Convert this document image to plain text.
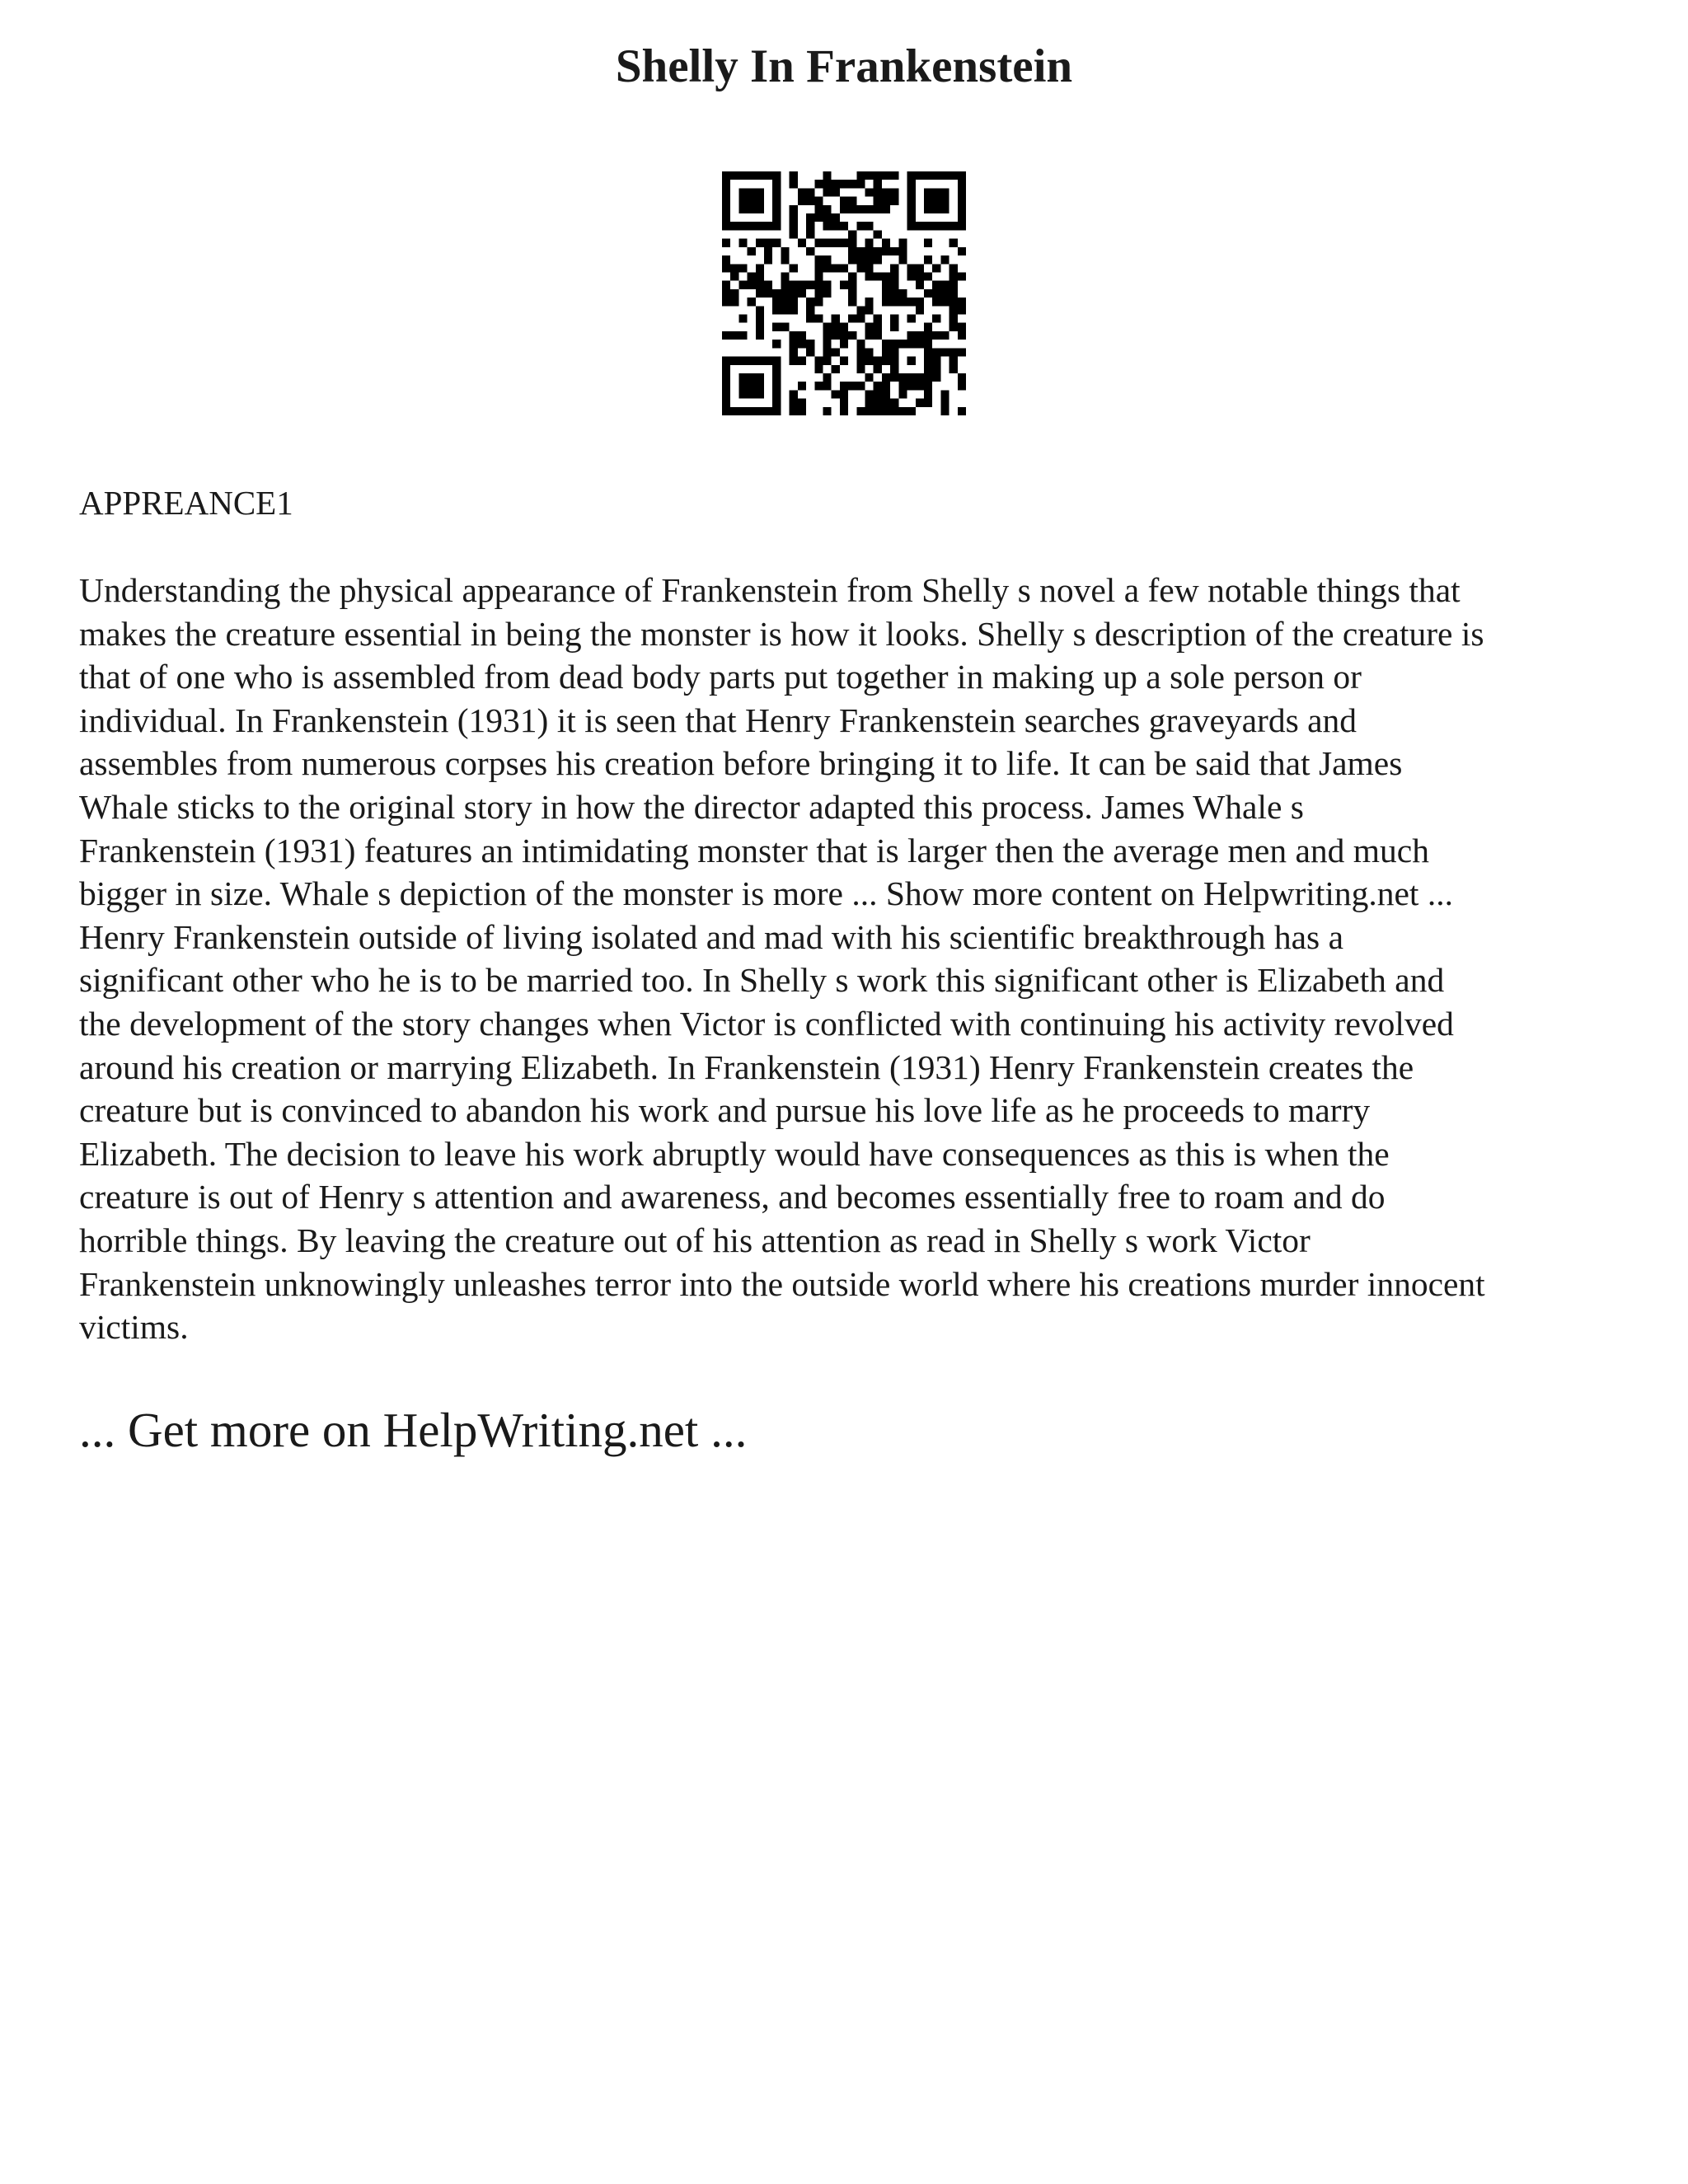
Shelly In Frankenstein

APPREANCE1

Understanding the physical appearance of Frankenstein from Shelly s novel a few notable things that
makes the creature essential in being the monster is how it looks. Shelly s description of the creature is
that of one who is assembled from dead body parts put together in making up a sole person or
individual. In Frankenstein (1931) it is seen that Henry Frankenstein searches graveyards and
assembles from numerous corpses his creation before bringing it to life. It can be said that James
Whale sticks to the original story in how the director adapted this process. James Whale s
Frankenstein (1931) features an intimidating monster that is larger then the average men and much
bigger in size. Whale s depiction of the monster is more ... Show more content on Helpwriting.net ...
Henry Frankenstein outside of living isolated and mad with his scientific breakthrough has a
significant other who he is to be married too. In Shelly s work this significant other is Elizabeth and
the development of the story changes when Victor is conflicted with continuing his activity revolved
around his creation or marrying Elizabeth. In Frankenstein (1931) Henry Frankenstein creates the
creature but is convinced to abandon his work and pursue his love life as he proceeds to marry
Elizabeth. The decision to leave his work abruptly would have consequences as this is when the
creature is out of Henry s attention and awareness, and becomes essentially free to roam and do
horrible things. By leaving the creature out of his attention as read in Shelly s work Victor
Frankenstein unknowingly unleashes terror into the outside world where his creations murder innocent
victims.

... Get more on HelpWriting.net ...
